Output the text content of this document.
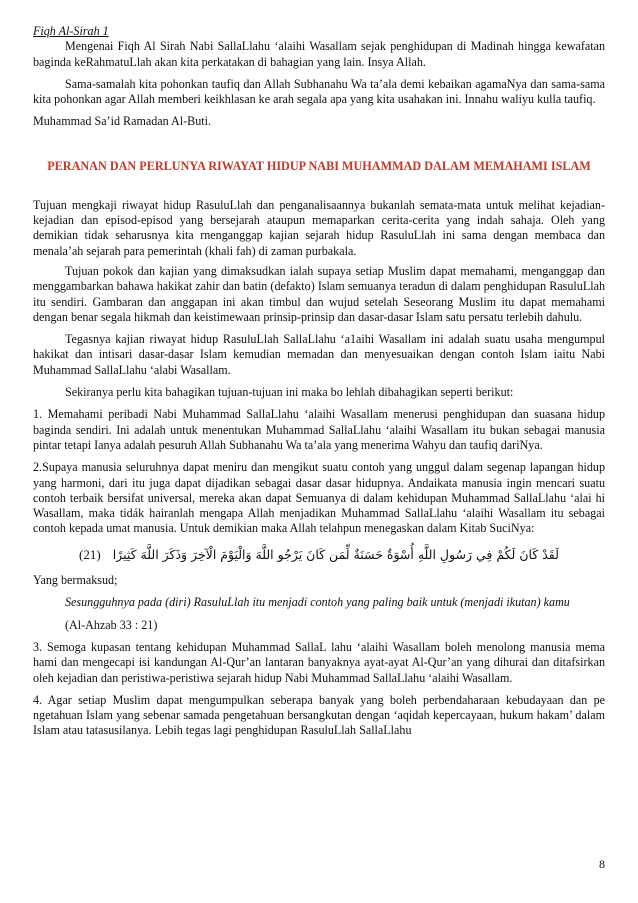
Fiqh Al-Sirah 1

Mengenai Fiqh Al Sirah Nabi SallaLlahu ‘alaihi Wasallam sejak penghidupan di Madinah hingga kewafatan baginda keRahmatuLlah akan kita perkatakan di bahagian yang lain. Insya Allah.

Sama-samalah kita pohonkan taufiq dan Allah Subhanahu Wa ta’ala demi kebaikan agamaNya dan sama-sama kita pohonkan agar Allah memberi keikhlasan ke arah segala apa yang kita usahakan ini. Innahu waliyu kulla taufiq.

Muhammad Sa’id Ramadan Al-Buti.

PERANAN DAN PERLUNYA RIWAYAT HIDUP NABI MUHAMMAD DALAM MEMAHAMI ISLAM

Tujuan mengkaji riwayat hidup RasuluLlah dan penganalisaannya bukanlah semata-mata untuk melihat kejadian-kejadian dan episod-episod yang bersejarah ataupun memaparkan cerita-cerita yang indah sahaja. Oleh yang demikian tidak seharusnya kita rnenganggap kajian sejarah hidup RasuluLlah ini sama dengan membaca dan menala’ah sejarah para pemerintah (khali fah) di zaman purbakala.

Tujuan pokok dan kajian yang dimaksudkan ialah supaya setiap Muslim dapat memahami, menganggap dan menggambarkan bahawa hakikat zahir dan batin (defakto) Islam semuanya teradun di dalam penghidupan RasuluLlah itu sendiri. Gambaran dan anggapan ini akan timbul dan wujud setelah Seseorang Muslim itu dapat memahami dengan benar segala hikmah dan keistimewaan prinsip-prinsip dan dasar-dasar Islam satu persatu terlebih dahulu.

Tegasnya kajian riwayat hidup RasuluLlah SallaLlahu ‘a1aihi Wasallam ini adalah suatu usaha mengumpul hakikat dan intisari dasar-dasar Islam kemudian memadan dan menyesuaikan dengan contoh Islam iaitu Nabi Muhammad SallaLlahu ‘alabi Wasallam.

Sekiranya perlu kita bahagikan tujuan-tujuan ini maka bo lehlah dibahagikan seperti berikut:

1. Memahami peribadi Nabi Muhammad SallaLlahu ‘alaihi Wasallam menerusi penghidupan dan suasana hidup baginda sendiri. Ini adalah untuk menentukan Muhammad SallaLlahu ‘alaihi Wasallam itu bukan sebagai manusia pintar tetapi Ianya adalah pesuruh Allah Subhanahu Wa ta’ala yang menerima Wahyu dan taufiq dariNya.

2.Supaya manusia seluruhnya dapat meniru dan mengikut suatu contoh yang unggul dalam segenap lapangan hidup yang harmoni, dari itu juga dapat dijadikan sebagai dasar dasar hidupnya. Andaikata manusia ingin mencari suatu contoh terbaik bersifat universal, mereka akan dapat Semuanya di dalam kehidupan Muhammad SallaLlahu ‘alai hi Wasallam, maka tidák hairanlah mengapa Allah menjadikan Muhammad SallaLlahu ‘alaihi Wasallam itu sebagai contoh kepada umat manusia. Untuk demikian maka Allah telahpun menegaskan dalam Kitab SuciNya:

(21) لَقَدْ كَانَ لَكُمْ فِي رَسُولِ اللَّهِ أُسْوَةٌ حَسَنَةٌ لِّمَن كَانَ يَرْجُو اللَّهَ وَالْيَوْمَ الْآخِرَ وَذَكَرَ اللَّهَ كَثِيرًا

Yang bermaksud;

Sesungguhnya pada (diri) RasuluLlah itu menjadi contoh yang paling baik untuk (menjadi ikutan) kamu

(Al-Ahzab 33 : 21)

3. Semoga kupasan tentang kehidupan Muhammad SallaL lahu ‘alaihi Wasallam boleh menolong manusia mema hami dan mengecapi isi kandungan Al-Qur’an lantaran banyaknya ayat-ayat Al-Qur’an yang dihurai dan ditafsirkan oleh kejadian dan peristiwa-peristiwa sejarah hidup Nabi Muhammad SallaLlahu ‘alaihi Wasallam.

4. Agar setiap Muslim dapat mengumpulkan seberapa banyak yang boleh perbendaharaan kebudayaan dan pe ngetahuan Islam yang sebenar samada pengetahuan bersangkutan dengan ‘aqidah kepercayaan, hukum hakam’ dalam Islam atau tatasusilanya. Lebih tegas lagi penghidupan RasuluLlah SallaLlahu

8
